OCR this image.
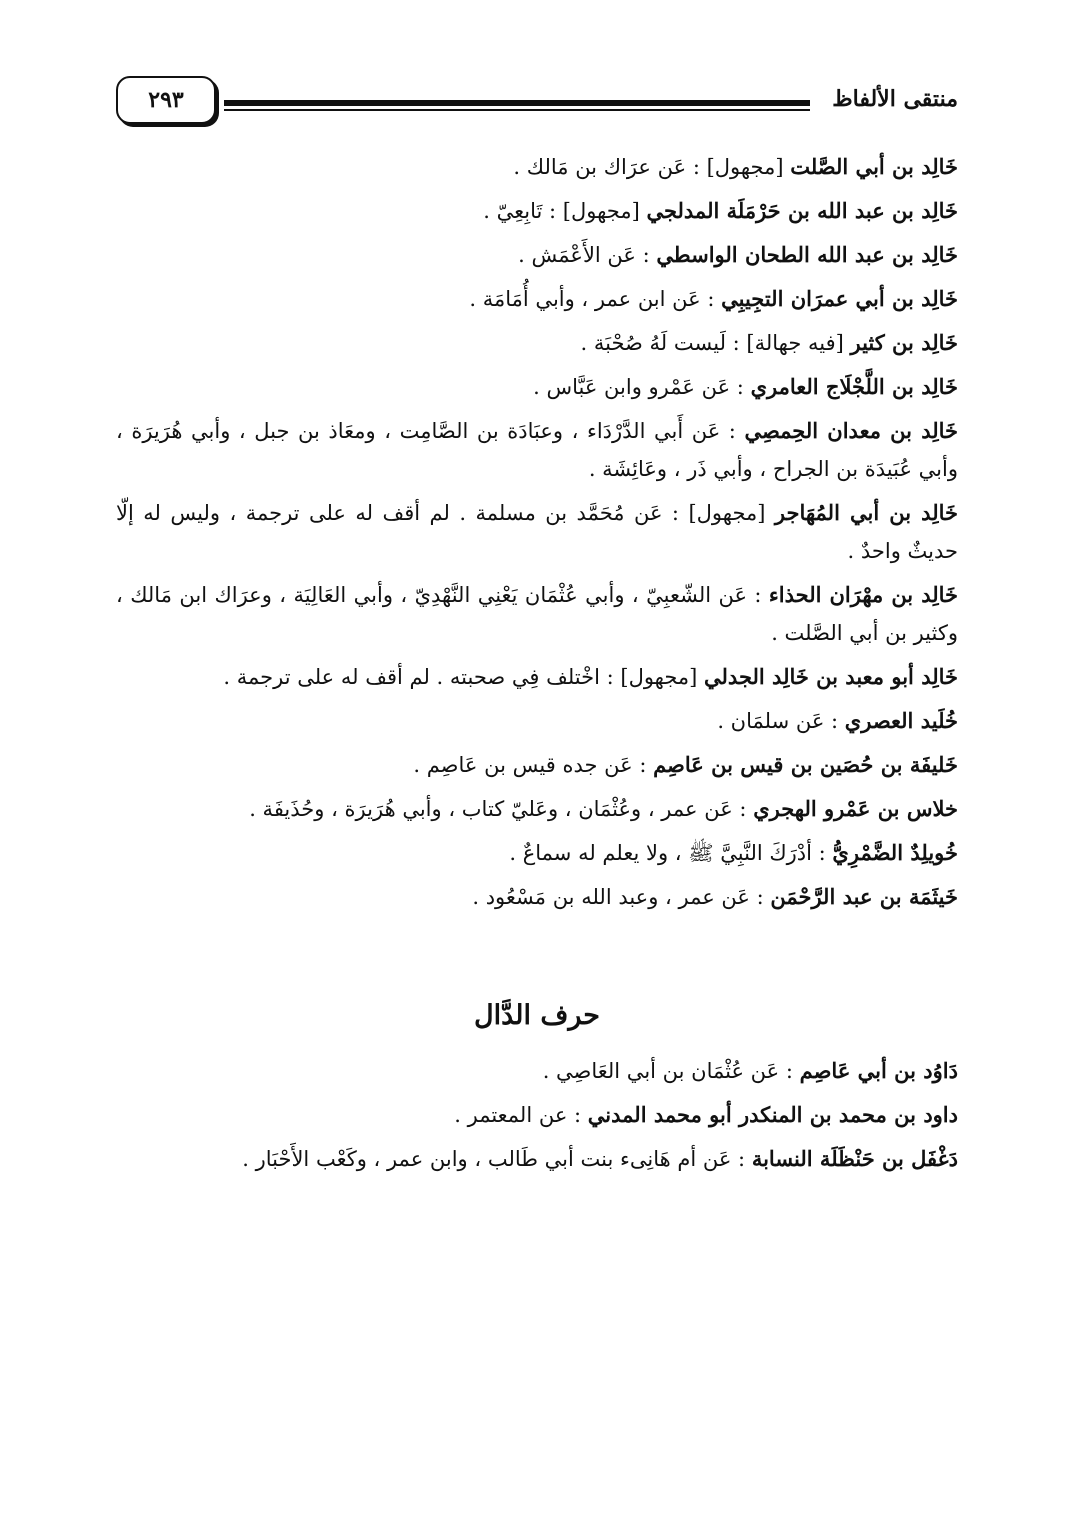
منتقى الألفاظ
٢٩٣

خَالِد بن أبي الصَّلت [مجهول] : عَن عرَاك بن مَالك .

خَالِد بن عبد الله بن حَرْمَلَة المدلجي [مجهول] : تَابِعِيّ .

خَالِد بن عبد الله الطحان الواسطي : عَن الأَعْمَش .

خَالِد بن أبي عمرَان التجِيبِي : عَن ابن عمر ، وأبي أُمَامَة .

خَالِد بن كثير [فيه جهالة] : لَيست لَهُ صُحْبَة .

خَالِد بن اللَّجْلَاج العامري : عَن عَمْرو وابن عَبَّاس .

خَالِد بن معدان الحِمصِي : عَن أَبي الدَّرْدَاء ، وعبَادَة بن الصَّامِت ، ومعَاذ بن جبل ، وأبي هُرَيرَة ، وأبي عُبَيدَة بن الجراح ، وأبي ذَر ، وعَائِشَة .

خَالِد بن أبي المُهَاجر [مجهول] : عَن مُحَمَّد بن مسلمة . لم أقف له على ترجمة ، وليس له إلّا حديثٌ واحدٌ .

خَالِد بن مهْرَان الحذاء : عَن الشّعبِيّ ، وأبي عُثْمَان يَعْنِي النَّهْدِيّ ، وأبي العَالِيَة ، وعرَاك ابن مَالك ، وكثير بن أبي الصَّلت .

خَالِد أبو معبد بن خَالِد الجدلي [مجهول] : اخْتلف فِي صحبته . لم أقف له على ترجمة .

خُلَيد العصري : عَن سلمَان .

خَليفَة بن حُصَين بن قيس بن عَاصِم : عَن جده قيس بن عَاصِم .

خلاس بن عَمْرو الهجري : عَن عمر ، وعُثْمَان ، وعَليّ كتاب ، وأبي هُرَيرَة ، وحُذَيفَة .

خُويلِدٌ الضَّمْرِيُّ : أدْرَكَ النَّبِيَّ ﷺ ، ولا يعلم له سماعٌ .

خَيثَمَة بن عبد الرَّحْمَن : عَن عمر ، وعبد الله بن مَسْعُود .

حرف الدَّال

دَاوُد بن أبي عَاصِم : عَن عُثْمَان بن أبي العَاصِي .

داود بن محمد بن المنكدر أبو محمد المدني : عن المعتمر .

دَغْفَل بن حَنْظَلَة النسابة : عَن أم هَانِىء بنت أبي طَالب ، وابن عمر ، وكَعْب الأَحْبَار .
